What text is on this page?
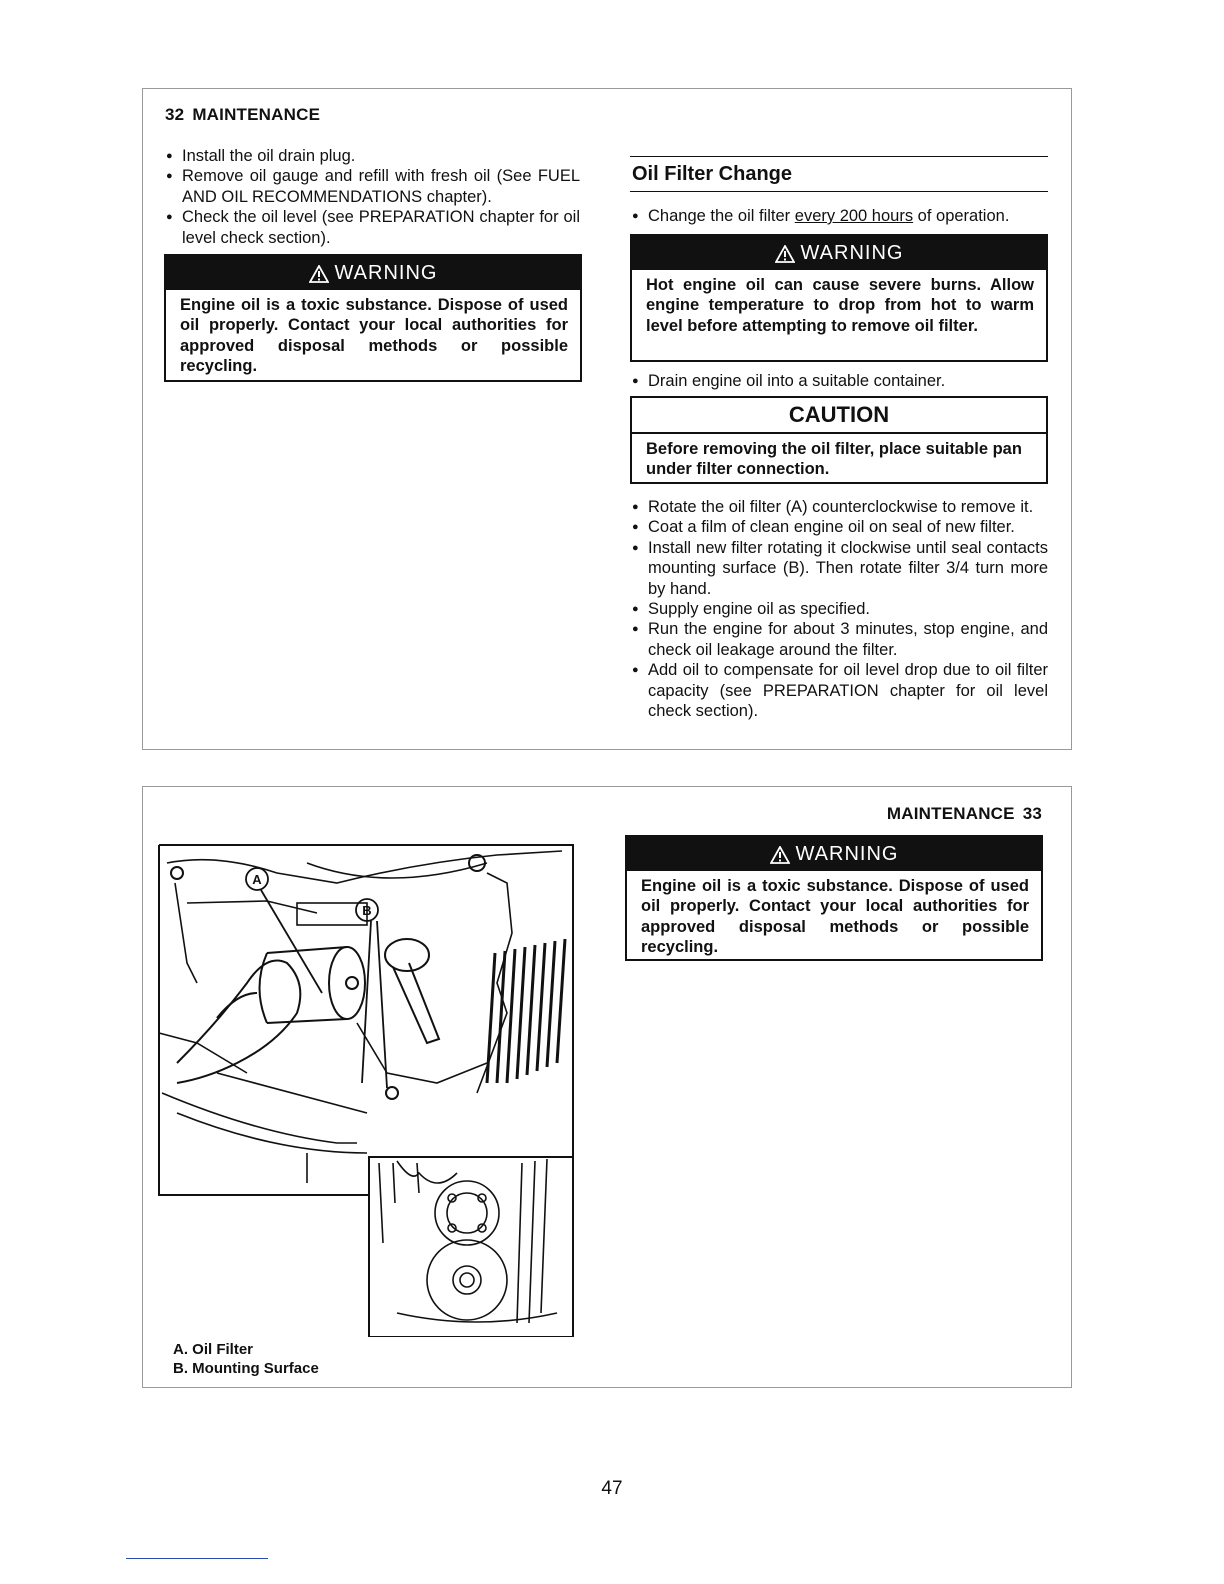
32 MAINTENANCE
● Install the oil drain plug.
● Remove oil gauge and refill with fresh oil (See FUEL AND OIL RECOMMENDATIONS chapter).
● Check the oil level (see PREPARATION chapter for oil level check section).
WARNING
Engine oil is a toxic substance. Dispose of used oil properly. Contact your local authorities for approved disposal methods or possible recycling.
Oil Filter Change
● Change the oil filter every 200 hours of operation.
WARNING
Hot engine oil can cause severe burns. Allow engine temperature to drop from hot to warm level before attempting to remove oil filter.
● Drain engine oil into a suitable container.
CAUTION
Before removing the oil filter, place suitable pan under filter connection.
● Rotate the oil filter (A) counterclockwise to remove it.
● Coat a film of clean engine oil on seal of new filter.
● Install new filter rotating it clockwise until seal contacts mounting surface (B). Then rotate filter 3/4 turn more by hand.
● Supply engine oil as specified.
● Run the engine for about 3 minutes, stop engine, and check oil leakage around the filter.
● Add oil to compensate for oil level drop due to oil filter capacity (see PREPARATION chapter for oil level check section).
MAINTENANCE 33
WARNING
Engine oil is a toxic substance. Dispose of used oil properly. Contact your local authorities for approved disposal methods or possible recycling.
A
B
A. Oil Filter
B. Mounting Surface
47
